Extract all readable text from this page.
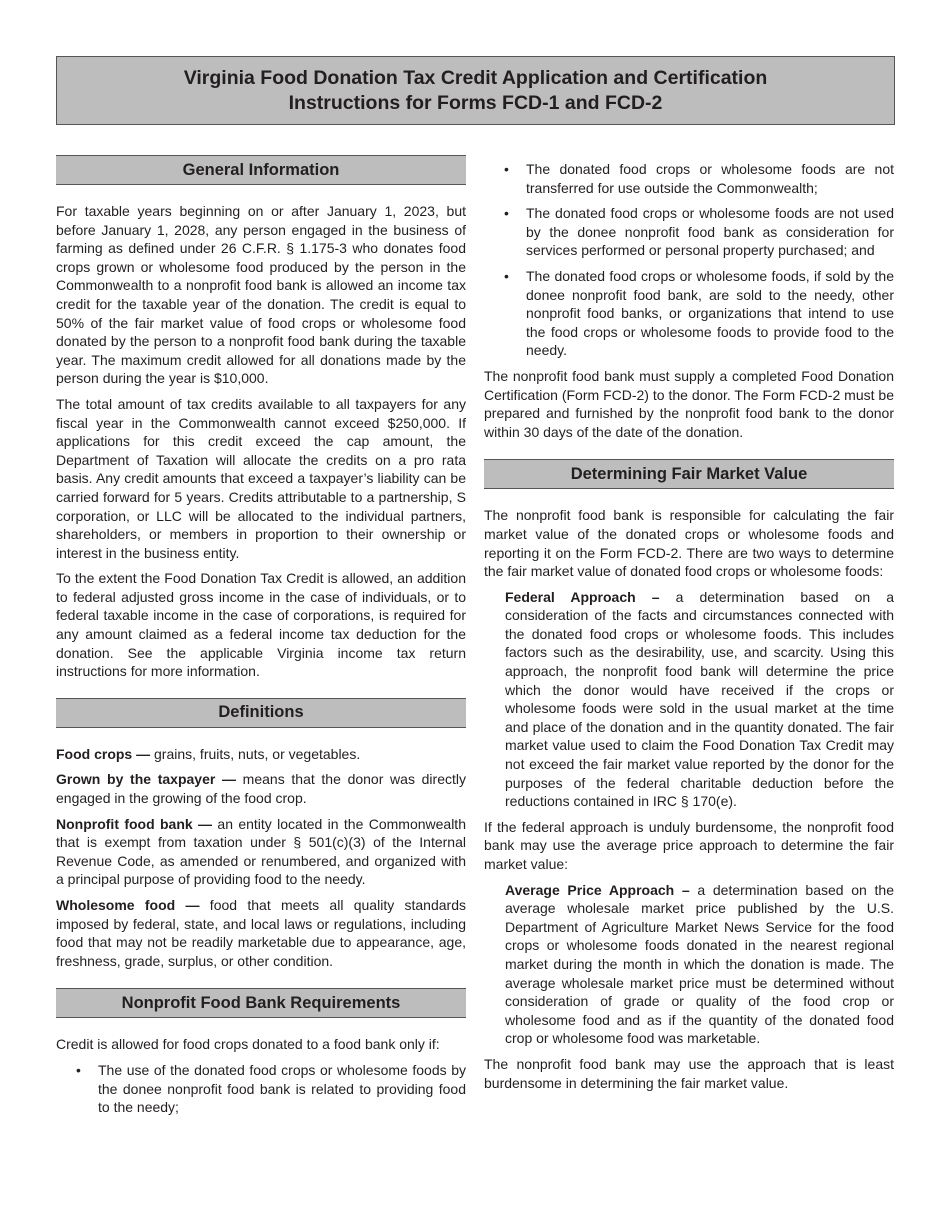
Virginia Food Donation Tax Credit Application and Certification
Instructions for Forms FCD-1 and FCD-2
General Information

For taxable years beginning on or after January 1, 2023, but before January 1, 2028, any person engaged in the business of farming as defined under 26 C.F.R. § 1.175-3 who donates food crops grown or wholesome food produced by the person in the Commonwealth to a nonprofit food bank is allowed an income tax credit for the taxable year of the donation. The credit is equal to 50% of the fair market value of food crops or wholesome food donated by the person to a nonprofit food bank during the taxable year. The maximum credit allowed for all donations made by the person during the year is $10,000.

The total amount of tax credits available to all taxpayers for any fiscal year in the Commonwealth cannot exceed $250,000. If applications for this credit exceed the cap amount, the Department of Taxation will allocate the credits on a pro rata basis. Any credit amounts that exceed a taxpayer’s liability can be carried forward for 5 years. Credits attributable to a partnership, S corporation, or LLC will be allocated to the individual partners, shareholders, or members in proportion to their ownership or interest in the business entity.

To the extent the Food Donation Tax Credit is allowed, an addition to federal adjusted gross income in the case of individuals, or to federal taxable income in the case of corporations, is required for any amount claimed as a federal income tax deduction for the donation. See the applicable Virginia income tax return instructions for more information.

Definitions

Food crops — grains, fruits, nuts, or vegetables.

Grown by the taxpayer — means that the donor was directly engaged in the growing of the food crop.

Nonprofit food bank — an entity located in the Commonwealth that is exempt from taxation under § 501(c)(3) of the Internal Revenue Code, as amended or renumbered, and organized with a principal purpose of providing food to the needy.

Wholesome food — food that meets all quality standards imposed by federal, state, and local laws or regulations, including food that may not be readily marketable due to appearance, age, freshness, grade, surplus, or other condition.

Nonprofit Food Bank Requirements

Credit is allowed for food crops donated to a food bank only if:

•	The use of the donated food crops or wholesome foods by the donee nonprofit food bank is related to providing food to the needy;
•	The donated food crops or wholesome foods are not transferred for use outside the Commonwealth;
•	The donated food crops or wholesome foods are not used by the donee nonprofit food bank as consideration for services performed or personal property purchased; and
•	The donated food crops or wholesome foods, if sold by the donee nonprofit food bank, are sold to the needy, other nonprofit food banks, or organizations that intend to use the food crops or wholesome foods to provide food to the needy.

The nonprofit food bank must supply a completed Food Donation Certification (Form FCD-2) to the donor. The Form FCD-2 must be prepared and furnished by the nonprofit food bank to the donor within 30 days of the date of the donation.

Determining Fair Market Value

The nonprofit food bank is responsible for calculating the fair market value of the donated crops or wholesome foods and reporting it on the Form FCD-2. There are two ways to determine the fair market value of donated food crops or wholesome foods:

Federal Approach – a determination based on a consideration of the facts and circumstances connected with the donated food crops or wholesome foods. This includes factors such as the desirability, use, and scarcity. Using this approach, the nonprofit food bank will determine the price which the donor would have received if the crops or wholesome foods were sold in the usual market at the time and place of the donation and in the quantity donated. The fair market value used to claim the Food Donation Tax Credit may not exceed the fair market value reported by the donor for the purposes of the federal charitable deduction before the reductions contained in IRC § 170(e).

If the federal approach is unduly burdensome, the nonprofit food bank may use the average price approach to determine the fair market value:

Average Price Approach – a determination based on the average wholesale market price published by the U.S. Department of Agriculture Market News Service for the food crops or wholesome foods donated in the nearest regional market during the month in which the donation is made. The average wholesale market price must be determined without consideration of grade or quality of the food crop or wholesome food and as if the quantity of the donated food crop or wholesome food was marketable.

The nonprofit food bank may use the approach that is least burdensome in determining the fair market value.
